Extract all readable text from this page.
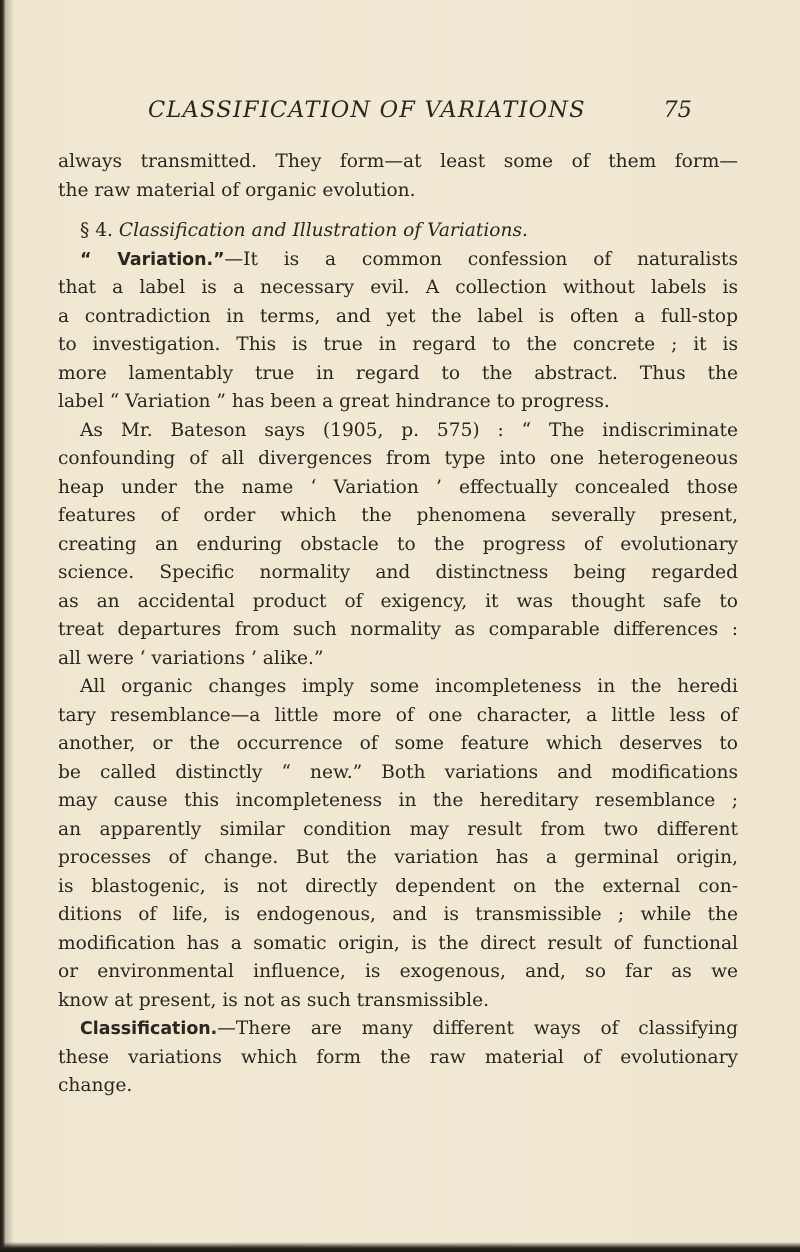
CLASSIFICATION OF VARIATIONS	75
always transmitted. They form—at least some of them form—
the raw material of organic evolution.
§ 4. Classification and Illustration of Variations.
“ Variation.”—It is a common confession of naturalists
that a label is a necessary evil. A collection without labels is
a contradiction in terms, and yet the label is often a full-stop
to investigation. This is true in regard to the concrete ; it is
more lamentably true in regard to the abstract. Thus the
label “ Variation ” has been a great hindrance to progress.
As Mr. Bateson says (1905, p. 575) : “ The indiscriminate
confounding of all divergences from type into one heterogeneous
heap under the name ‘ Variation ’ effectually concealed those
features of order which the phenomena severally present,
creating an enduring obstacle to the progress of evolutionary
science. Specific normality and distinctness being regarded
as an accidental product of exigency, it was thought safe to
treat departures from such normality as comparable differences :
all were ‘ variations ’ alike.”
All organic changes imply some incompleteness in the heredi
tary resemblance—a little more of one character, a little less of
another, or the occurrence of some feature which deserves to
be called distinctly “ new.” Both variations and modifications
may cause this incompleteness in the hereditary resemblance ;
an apparently similar condition may result from two different
processes of change. But the variation has a germinal origin,
is blastogenic, is not directly dependent on the external con-
ditions of life, is endogenous, and is transmissible ; while the
modification has a somatic origin, is the direct result of functional
or environmental influence, is exogenous, and, so far as we
know at present, is not as such transmissible.
Classification.—There are many different ways of classifying
these variations which form the raw material of evolutionary
change.
